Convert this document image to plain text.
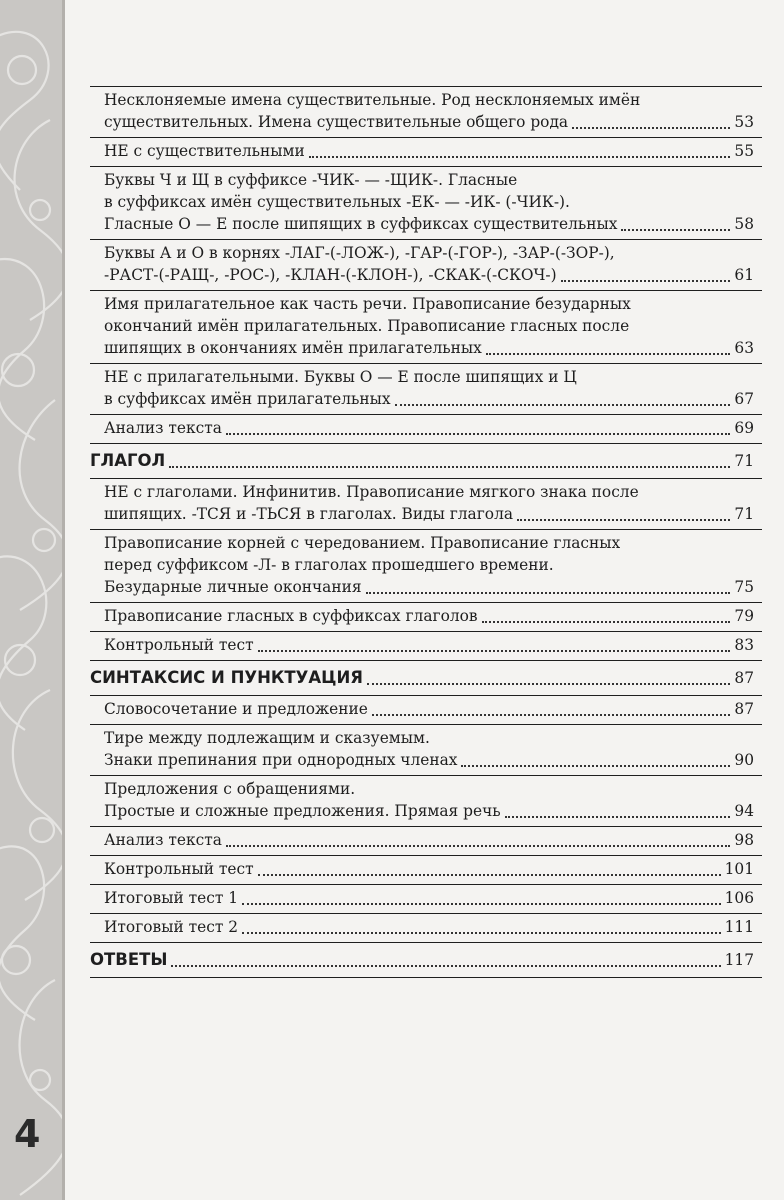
4
Несклоняемые имена существительные. Род несклоняемых имён
существительных. Имена существительные общего рода	53
НЕ с существительными	55
Буквы Ч и Щ в суффиксе -ЧИК- — -ЩИК-. Гласные
в суффиксах имён существительных -ЕК- — -ИК- (-ЧИК-).
Гласные О — Е после шипящих в суффиксах существительных	58
Буквы А и О в корнях -ЛАГ-(-ЛОЖ-), -ГАР-(-ГОР-), -ЗАР-(-ЗОР-),
-РАСТ-(-РАЩ-, -РОС-), -КЛАН-(-КЛОН-), -СКАК-(-СКОЧ-)	61
Имя прилагательное как часть речи. Правописание безударных
окончаний имён прилагательных. Правописание гласных после
шипящих в окончаниях имён прилагательных	63
НЕ с прилагательными. Буквы О — Е после шипящих и Ц
в суффиксах имён прилагательных	67
Анализ текста	69
ГЛАГОЛ	71
НЕ с глаголами. Инфинитив. Правописание мягкого знака после
шипящих. -ТСЯ и -ТЬСЯ в глаголах. Виды глагола	71
Правописание корней с чередованием. Правописание гласных
перед суффиксом -Л- в глаголах прошедшего времени.
Безударные личные окончания	75
Правописание гласных в суффиксах глаголов	79
Контрольный тест	83
СИНТАКСИС И ПУНКТУАЦИЯ	87
Словосочетание и предложение	87
Тире между подлежащим и сказуемым.
Знаки препинания при однородных членах	90
Предложения с обращениями.
Простые и сложные предложения. Прямая речь	94
Анализ текста	98
Контрольный тест	101
Итоговый тест 1	106
Итоговый тест 2	111
ОТВЕТЫ	117
